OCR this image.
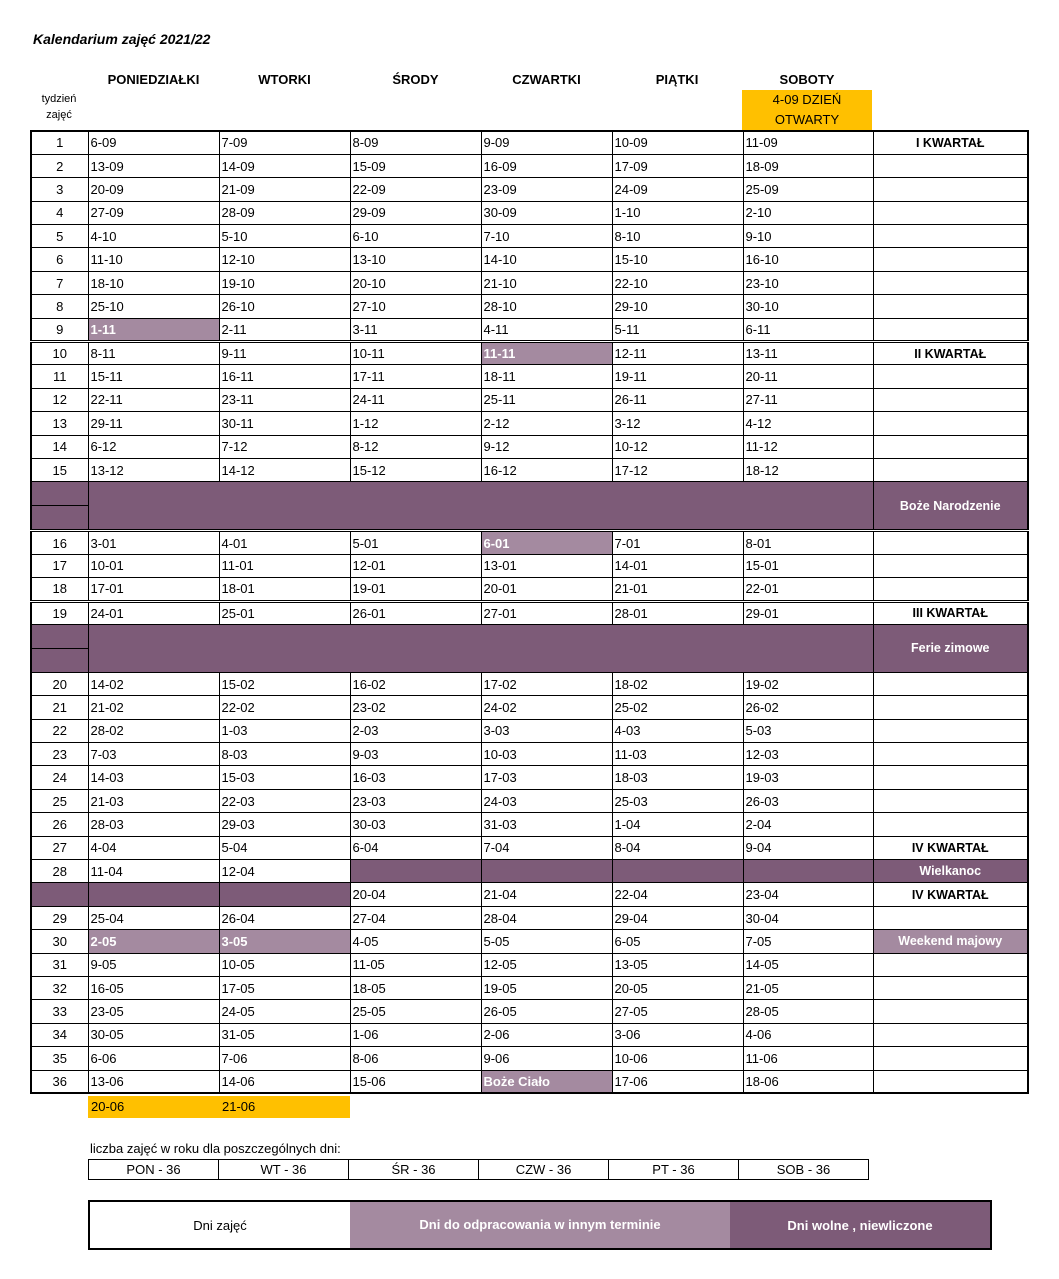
Kalendarium zajęć 2021/22
PONIEDZIAŁKI	WTORKI	ŚRODY	CZWARTKI	PIĄTKI	SOBOTY
tydzień zajęć
4-09 DZIEŃ OTWARTY
1	6-09	7-09	8-09	9-09	10-09	11-09	I KWARTAŁ
2	13-09	14-09	15-09	16-09	17-09	18-09	
3	20-09	21-09	22-09	23-09	24-09	25-09	
4	27-09	28-09	29-09	30-09	1-10	2-10	
5	4-10	5-10	6-10	7-10	8-10	9-10	
6	11-10	12-10	13-10	14-10	15-10	16-10	
7	18-10	19-10	20-10	21-10	22-10	23-10	
8	25-10	26-10	27-10	28-10	29-10	30-10	
9	1-11	2-11	3-11	4-11	5-11	6-11	
10	8-11	9-11	10-11	11-11	12-11	13-11	II KWARTAŁ
11	15-11	16-11	17-11	18-11	19-11	20-11	
12	22-11	23-11	24-11	25-11	26-11	27-11	
13	29-11	30-11	1-12	2-12	3-12	4-12	
14	6-12	7-12	8-12	9-12	10-12	11-12	
15	13-12	14-12	15-12	16-12	17-12	18-12	
							Boże Narodzenie

16	3-01	4-01	5-01	6-01	7-01	8-01	
17	10-01	11-01	12-01	13-01	14-01	15-01	
18	17-01	18-01	19-01	20-01	21-01	22-01	
19	24-01	25-01	26-01	27-01	28-01	29-01	III KWARTAŁ
							Ferie zimowe

20	14-02	15-02	16-02	17-02	18-02	19-02	
21	21-02	22-02	23-02	24-02	25-02	26-02	
22	28-02	1-03	2-03	3-03	4-03	5-03	
23	7-03	8-03	9-03	10-03	11-03	12-03	
24	14-03	15-03	16-03	17-03	18-03	19-03	
25	21-03	22-03	23-03	24-03	25-03	26-03	
26	28-03	29-03	30-03	31-03	1-04	2-04	
27	4-04	5-04	6-04	7-04	8-04	9-04	IV KWARTAŁ
28	11-04	12-04					Wielkanoc
			20-04	21-04	22-04	23-04	IV KWARTAŁ
29	25-04	26-04	27-04	28-04	29-04	30-04	
30	2-05	3-05	4-05	5-05	6-05	7-05	Weekend majowy
31	9-05	10-05	11-05	12-05	13-05	14-05	
32	16-05	17-05	18-05	19-05	20-05	21-05	
33	23-05	24-05	25-05	26-05	27-05	28-05	
34	30-05	31-05	1-06	2-06	3-06	4-06	
35	6-06	7-06	8-06	9-06	10-06	11-06	
36	13-06	14-06	15-06	Boże Ciało	17-06	18-06	
20-06	21-06
liczba zajęć w roku dla poszczególnych dni:
PON - 36	WT - 36	ŚR - 36	CZW - 36	PT - 36	SOB - 36
Dni zajęć	Dni do odpracowania w innym terminie	Dni wolne , niewliczone
